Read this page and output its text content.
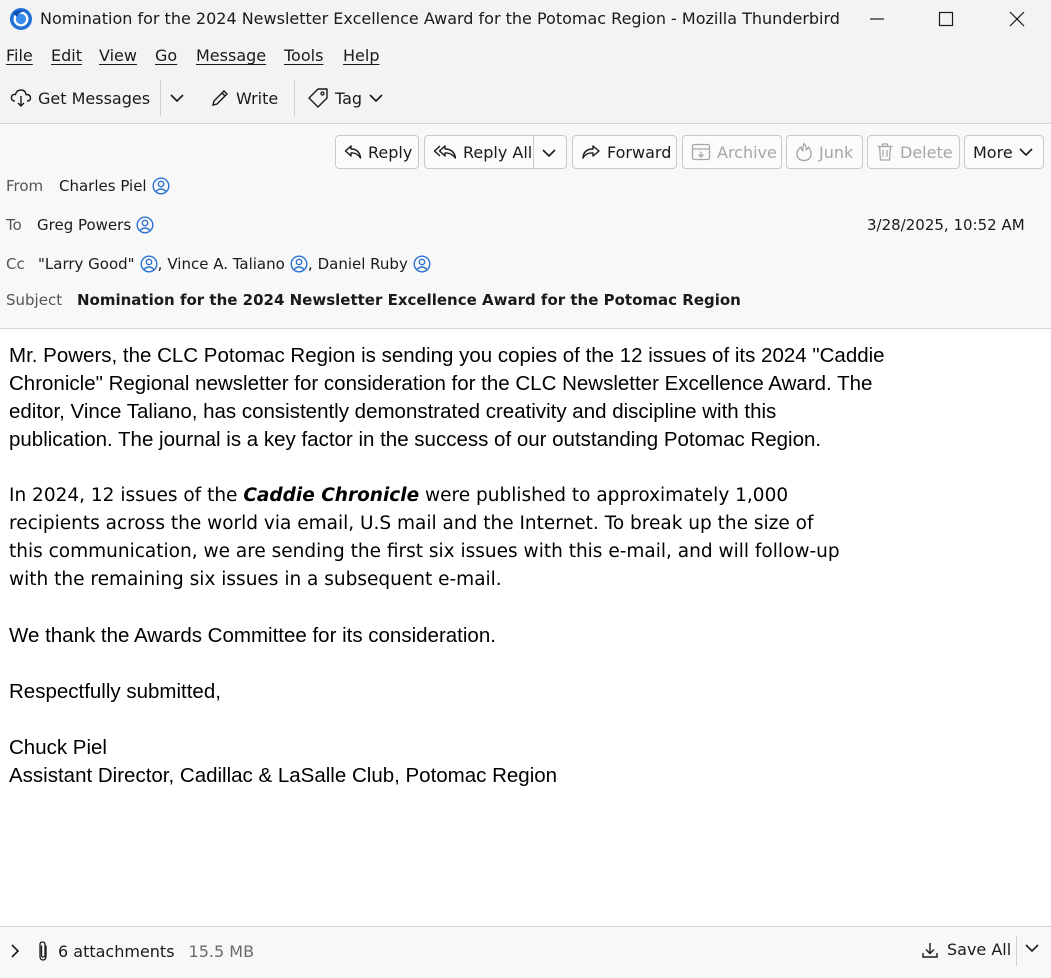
Nomination for the 2024 Newsletter Excellence Award for the Potomac Region - Mozilla Thunderbird
File Edit View Go Message Tools Help
Get Messages	Write	Tag
Reply	Reply All	Forward	Archive	Junk	Delete More
From Charles Piel
To Greg Powers	3/28/2025, 10:52 AM
Cc "Larry Good" , Vince A. Taliano , Daniel Ruby
Subject Nomination for the 2024 Newsletter Excellence Award for the Potomac Region
Mr. Powers, the CLC Potomac Region is sending you copies of the 12 issues of its 2024 "Caddie
Chronicle" Regional newsletter for consideration for the CLC Newsletter Excellence Award. The
editor, Vince Taliano, has consistently demonstrated creativity and discipline with this
publication. The journal is a key factor in the success of our outstanding Potomac Region.
In 2024, 12 issues of the Caddie Chronicle were published to approximately 1,000
recipients across the world via email, U.S mail and the Internet. To break up the size of
this communication, we are sending the first six issues with this e-mail, and will follow-up
with the remaining six issues in a subsequent e-mail.
We thank the Awards Committee for its consideration.
Respectfully submitted,
Chuck Piel
Assistant Director, Cadillac & LaSalle Club, Potomac Region
6 attachments 15.5 MB	Save All
